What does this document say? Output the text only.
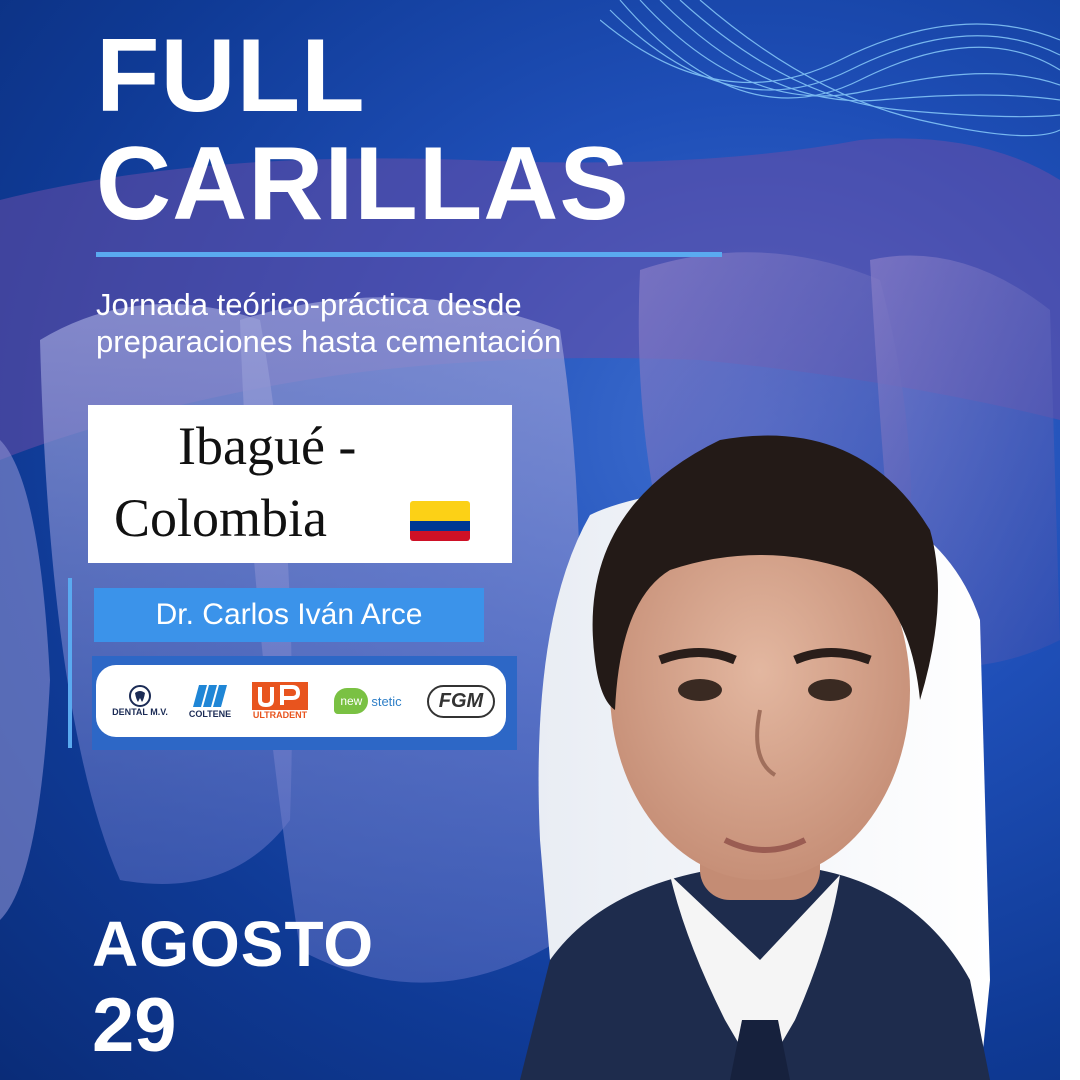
FULL
CARILLAS
Jornada teórico-práctica desde
preparaciones hasta cementación
Ibagué -
Colombia
Dr. Carlos Iván Arce
DENTAL M.V. COLTENE ULTRADENT
new stetic	FGM
AGOSTO
29
